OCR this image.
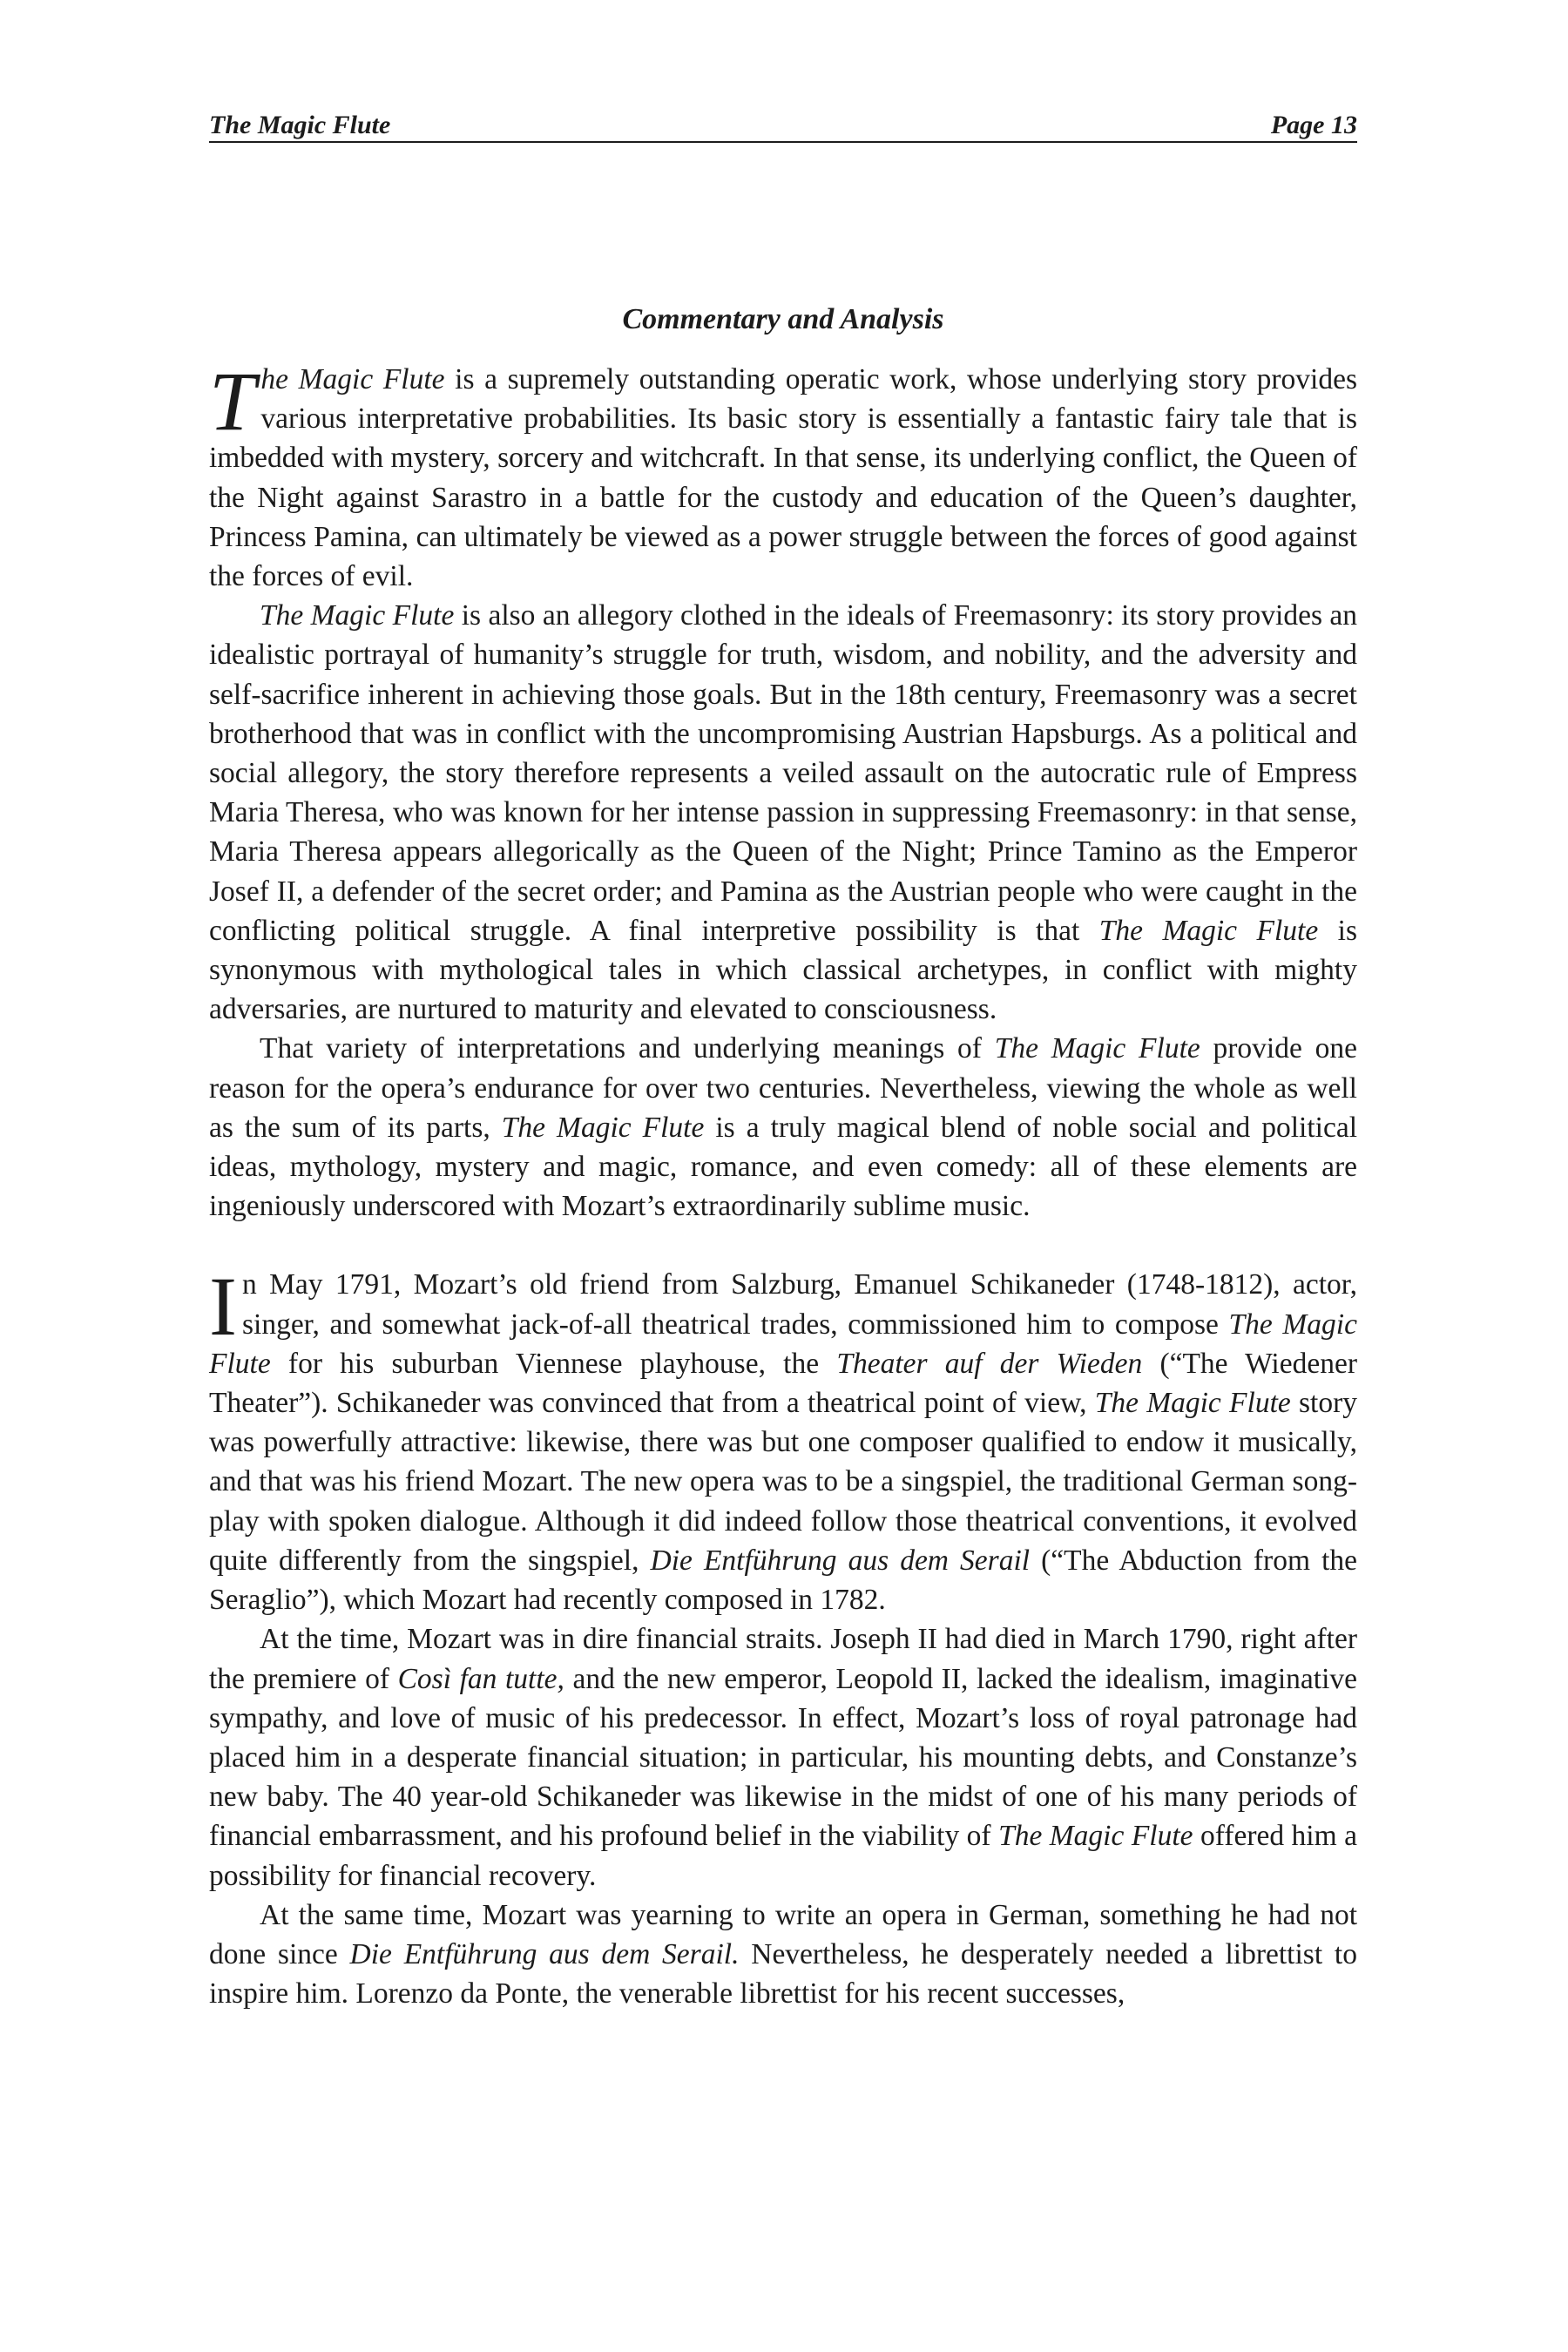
The Magic Flute	Page 13
Commentary and Analysis

The Magic Flute is a supremely outstanding operatic work, whose underlying story provides various interpretative probabilities. Its basic story is essentially a fantastic fairy tale that is imbedded with mystery, sorcery and witchcraft. In that sense, its underlying conflict, the Queen of the Night against Sarastro in a battle for the custody and education of the Queen’s daughter, Princess Pamina, can ultimately be viewed as a power struggle between the forces of good against the forces of evil.

The Magic Flute is also an allegory clothed in the ideals of Freemasonry: its story provides an idealistic portrayal of humanity’s struggle for truth, wisdom, and nobility, and the adversity and self-sacrifice inherent in achieving those goals. But in the 18th century, Freemasonry was a secret brotherhood that was in conflict with the uncompromising Austrian Hapsburgs. As a political and social allegory, the story therefore represents a veiled assault on the autocratic rule of Empress Maria Theresa, who was known for her intense passion in suppressing Freemasonry: in that sense, Maria Theresa appears allegorically as the Queen of the Night; Prince Tamino as the Emperor Josef II, a defender of the secret order; and Pamina as the Austrian people who were caught in the conflicting political struggle. A final interpretive possibility is that The Magic Flute is synonymous with mythological tales in which classical archetypes, in conflict with mighty adversaries, are nurtured to maturity and elevated to consciousness.

That variety of interpretations and underlying meanings of The Magic Flute provide one reason for the opera’s endurance for over two centuries. Nevertheless, viewing the whole as well as the sum of its parts, The Magic Flute is a truly magical blend of noble social and political ideas, mythology, mystery and magic, romance, and even comedy: all of these elements are ingeniously underscored with Mozart’s extraordinarily sublime music.

In May 1791, Mozart’s old friend from Salzburg, Emanuel Schikaneder (1748-1812), actor, singer, and somewhat jack-of-all theatrical trades, commissioned him to compose The Magic Flute for his suburban Viennese playhouse, the Theater auf der Wieden (“The Wiedener Theater”). Schikaneder was convinced that from a theatrical point of view, The Magic Flute story was powerfully attractive: likewise, there was but one composer qualified to endow it musically, and that was his friend Mozart. The new opera was to be a singspiel, the traditional German song-play with spoken dialogue. Although it did indeed follow those theatrical conventions, it evolved quite differently from the singspiel, Die Entführung aus dem Serail (“The Abduction from the Seraglio”), which Mozart had recently composed in 1782.

At the time, Mozart was in dire financial straits. Joseph II had died in March 1790, right after the premiere of Così fan tutte, and the new emperor, Leopold II, lacked the idealism, imaginative sympathy, and love of music of his predecessor. In effect, Mozart’s loss of royal patronage had placed him in a desperate financial situation; in particular, his mounting debts, and Constanze’s new baby. The 40 year-old Schikaneder was likewise in the midst of one of his many periods of financial embarrassment, and his profound belief in the viability of The Magic Flute offered him a possibility for financial recovery.

At the same time, Mozart was yearning to write an opera in German, something he had not done since Die Entführung aus dem Serail. Nevertheless, he desperately needed a librettist to inspire him. Lorenzo da Ponte, the venerable librettist for his recent successes,
